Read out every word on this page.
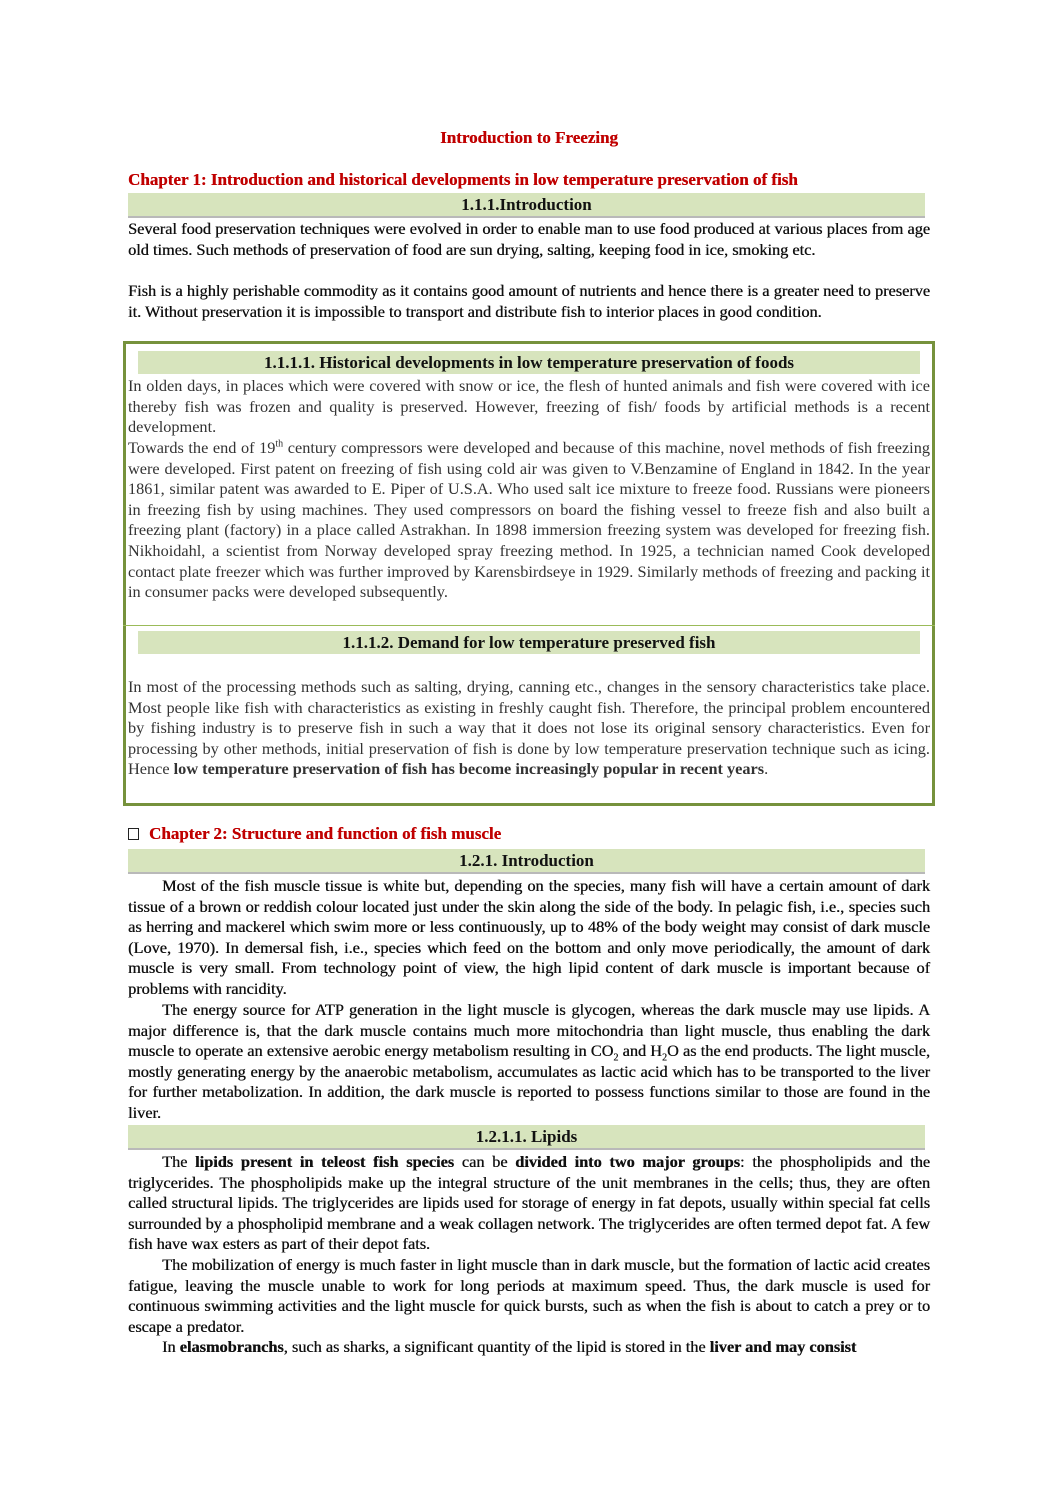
Introduction to Freezing
Chapter 1: Introduction and historical developments in low temperature preservation of fish
1.1.1.Introduction

Several food preservation techniques were evolved in order to enable man to use food produced at various places from age old times. Such methods of preservation of food are sun drying, salting, keeping food in ice, smoking etc.

Fish is a highly perishable commodity as it contains good amount of nutrients and hence there is a greater need to preserve it. Without preservation it is impossible to transport and distribute fish to interior places in good condition.

1.1.1.1. Historical developments in low temperature preservation of foods

In olden days, in places which were covered with snow or ice, the flesh of hunted animals and fish were covered with ice thereby fish was frozen and quality is preserved. However, freezing of fish/ foods by artificial methods is a recent development.

Towards the end of 19th century compressors were developed and because of this machine, novel methods of fish freezing were developed. First patent on freezing of fish using cold air was given to V.Benzamine of England in 1842. In the year 1861, similar patent was awarded to E. Piper of U.S.A. Who used salt ice mixture to freeze food. Russians were pioneers in freezing fish by using machines. They used compressors on board the fishing vessel to freeze fish and also built a freezing plant (factory) in a place called Astrakhan. In 1898 immersion freezing system was developed for freezing fish. Nikhoidahl, a scientist from Norway developed spray freezing method. In 1925, a technician named Cook developed contact plate freezer which was further improved by Karensbirdseye in 1929. Similarly methods of freezing and packing it in consumer packs were developed subsequently.

1.1.1.2. Demand for low temperature preserved fish

In most of the processing methods such as salting, drying, canning etc., changes in the sensory characteristics take place. Most people like fish with characteristics as existing in freshly caught fish. Therefore, the principal problem encountered by fishing industry is to preserve fish in such a way that it does not lose its original sensory characteristics. Even for processing by other methods, initial preservation of fish is done by low temperature preservation technique such as icing. Hence low temperature preservation of fish has become increasingly popular in recent years.

Chapter 2: Structure and function of fish muscle
1.2.1. Introduction

Most of the fish muscle tissue is white but, depending on the species, many fish will have a certain amount of dark tissue of a brown or reddish colour located just under the skin along the side of the body. In pelagic fish, i.e., species such as herring and mackerel which swim more or less continuously, up to 48% of the body weight may consist of dark muscle (Love, 1970). In demersal fish, i.e., species which feed on the bottom and only move periodically, the amount of dark muscle is very small. From technology point of view, the high lipid content of dark muscle is important because of problems with rancidity.

The energy source for ATP generation in the light muscle is glycogen, whereas the dark muscle may use lipids. A major difference is, that the dark muscle contains much more mitochondria than light muscle, thus enabling the dark muscle to operate an extensive aerobic energy metabolism resulting in $CO_2$ and $H_2O$ as the end products. The light muscle, mostly generating energy by the anaerobic metabolism, accumulates as lactic acid which has to be transported to the liver for further metabolization. In addition, the dark muscle is reported to possess functions similar to those are found in the liver.

1.2.1.1. Lipids

The lipids present in teleost fish species can be divided into two major groups: the phospholipids and the triglycerides. The phospholipids make up the integral structure of the unit membranes in the cells; thus, they are often called structural lipids. The triglycerides are lipids used for storage of energy in fat depots, usually within special fat cells surrounded by a phospholipid membrane and a weak collagen network. The triglycerides are often termed depot fat. A few fish have wax esters as part of their depot fats.

The mobilization of energy is much faster in light muscle than in dark muscle, but the formation of lactic acid creates fatigue, leaving the muscle unable to work for long periods at maximum speed. Thus, the dark muscle is used for continuous swimming activities and the light muscle for quick bursts, such as when the fish is about to catch a prey or to escape a predator.

In elasmobranchs, such as sharks, a significant quantity of the lipid is stored in the liver and may consist
